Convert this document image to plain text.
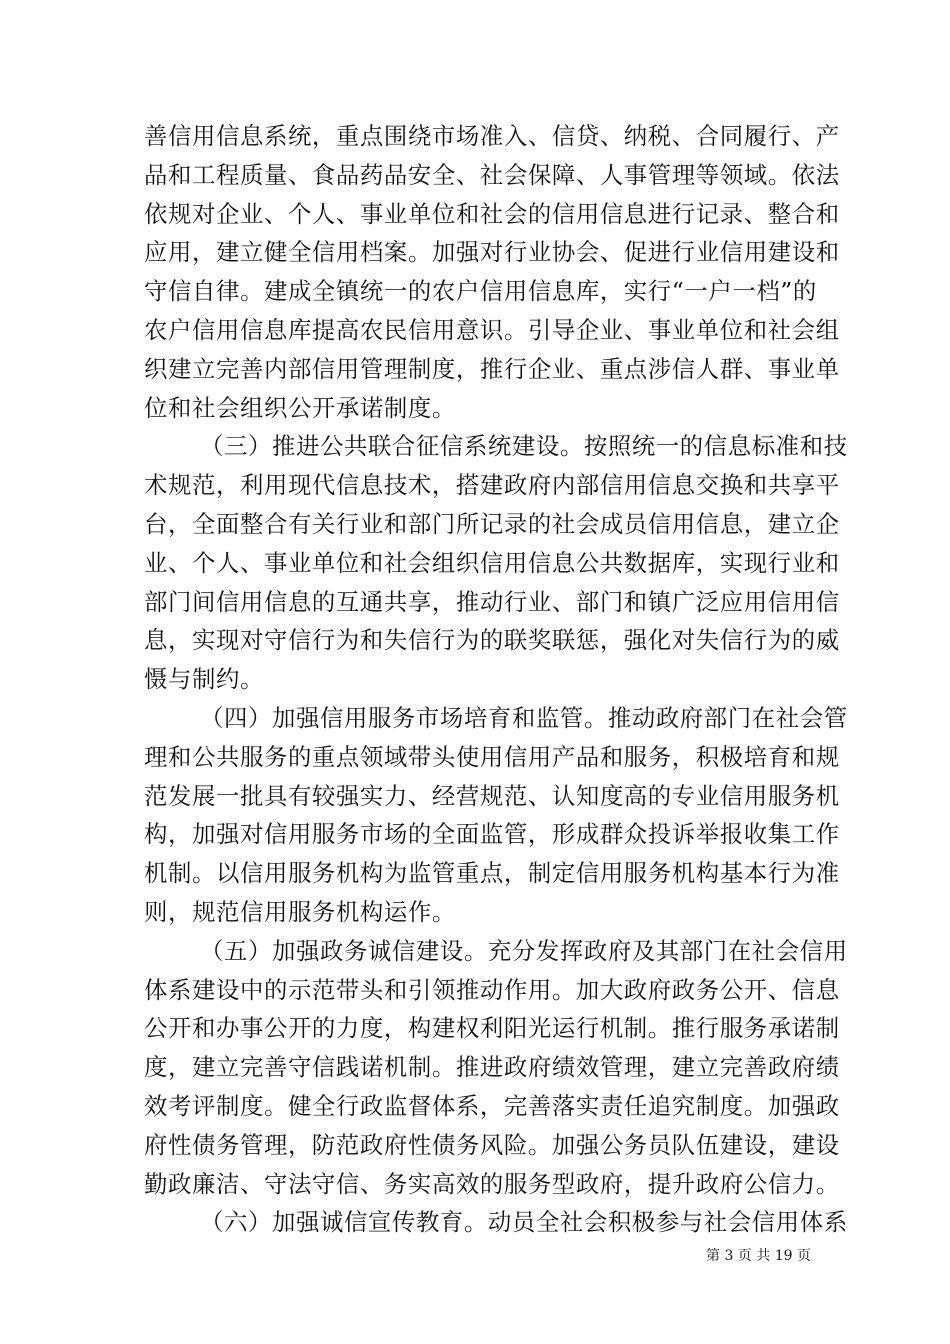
善信用信息系统，重点围绕市场准入、信贷、纳税、合同履行、产
品和工程质量、食品药品安全、社会保障、人事管理等领域。依法
依规对企业、个人、事业单位和社会的信用信息进行记录、整合和
应用，建立健全信用档案。加强对行业协会、促进行业信用建设和
守信自律。建成全镇统一的农户信用信息库，实行“一户一档”的
农户信用信息库提高农民信用意识。引导企业、事业单位和社会组
织建立完善内部信用管理制度，推行企业、重点涉信人群、事业单
位和社会组织公开承诺制度。
（三）推进公共联合征信系统建设。按照统一的信息标准和技
术规范，利用现代信息技术，搭建政府内部信用信息交换和共享平
台，全面整合有关行业和部门所记录的社会成员信用信息，建立企
业、个人、事业单位和社会组织信用信息公共数据库，实现行业和
部门间信用信息的互通共享，推动行业、部门和镇广泛应用信用信
息，实现对守信行为和失信行为的联奖联惩，强化对失信行为的威
慑与制约。
（四）加强信用服务市场培育和监管。推动政府部门在社会管
理和公共服务的重点领域带头使用信用产品和服务，积极培育和规
范发展一批具有较强实力、经营规范、认知度高的专业信用服务机
构，加强对信用服务市场的全面监管，形成群众投诉举报收集工作
机制。以信用服务机构为监管重点，制定信用服务机构基本行为准
则，规范信用服务机构运作。
（五）加强政务诚信建设。充分发挥政府及其部门在社会信用
体系建设中的示范带头和引领推动作用。加大政府政务公开、信息
公开和办事公开的力度，构建权利阳光运行机制。推行服务承诺制
度，建立完善守信践诺机制。推进政府绩效管理，建立完善政府绩
效考评制度。健全行政监督体系，完善落实责任追究制度。加强政
府性债务管理，防范政府性债务风险。加强公务员队伍建设，建设
勤政廉洁、守法守信、务实高效的服务型政府，提升政府公信力。
（六）加强诚信宣传教育。动员全社会积极参与社会信用体系
第 3 页 共 19 页
